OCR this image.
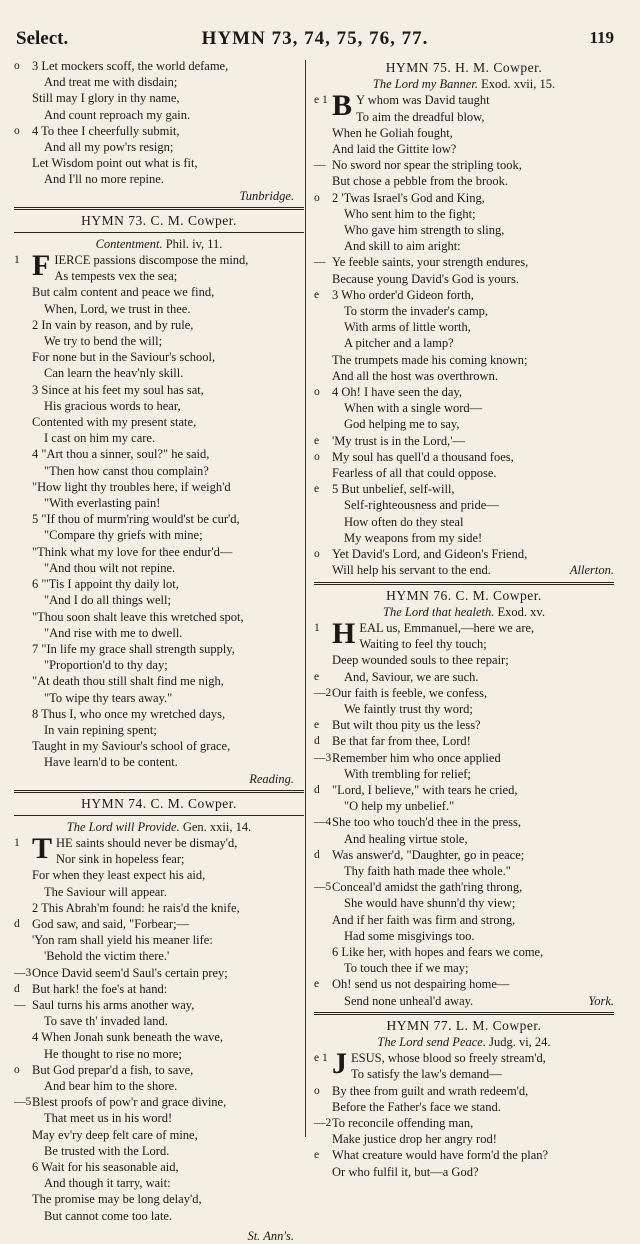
Select.	HYMN 73, 74, 75, 76, 77.	119
o 3 Let mockers scoff, the world defame,
And treat me with disdain;
Still may I glory in thy name,
And count reproach my gain.
o 4 To thee I cheerfully submit,
And all my pow'rs resign;
Let Wisdom point out what is fit,
And I'll no more repine.
Tunbridge.
HYMN 73. C. M. Cowper.
Contentment. Phil. iv, 11.
1 F IERCE passions discompose the mind,
As tempests vex the sea;
But calm content and peace we find,
When, Lord, we trust in thee.
2 In vain by reason, and by rule,
We try to bend the will;
For none but in the Saviour's school,
Can learn the heav'nly skill.
3 Since at his feet my soul has sat,
His gracious words to hear,
Contented with my present state,
I cast on him my care.
4 "Art thou a sinner, soul?" he said,
"Then how canst thou complain?
"How light thy troubles here, if weigh'd
"With everlasting pain!
5 "If thou of murm'ring would'st be cur'd,
"Compare thy griefs with mine;
"Think what my love for thee endur'd—
"And thou wilt not repine.
6 "'Tis I appoint thy daily lot,
"And I do all things well;
"Thou soon shalt leave this wretched spot,
"And rise with me to dwell.
7 "In life my grace shall strength supply,
"Proportion'd to thy day;
"At death thou still shalt find me nigh,
"To wipe thy tears away."
8 Thus I, who once my wretched days,
In vain repining spent;
Taught in my Saviour's school of grace,
Have learn'd to be content.
Reading.
HYMN 74. C. M. Cowper.
The Lord will Provide. Gen. xxii, 14.
1 T HE saints should never be dismay'd,
Nor sink in hopeless fear;
For when they least expect his aid,
The Saviour will appear.
2 This Abrah'm found: he rais'd the knife,
d God saw, and said, "Forbear;—
'Yon ram shall yield his meaner life:
'Behold the victim there.'
—3 Once David seem'd Saul's certain prey;
d But hark! the foe's at hand:
— Saul turns his arms another way,
To save th' invaded land.
4 When Jonah sunk beneath the wave,
He thought to rise no more;
o But God prepar'd a fish, to save,
And bear him to the shore.
—5 Blest proofs of pow'r and grace divine,
That meet us in his word!
May ev'ry deep felt care of mine,
Be trusted with the Lord.
6 Wait for his seasonable aid,
And though it tarry, wait:
The promise may be long delay'd,
But cannot come too late.
St. Ann's.
HYMN 75. H. M. Cowper.
The Lord my Banner. Exod. xvii, 15.
e 1 B Y whom was David taught
To aim the dreadful blow,
When he Goliah fought,
And laid the Gittite low?
— No sword nor spear the stripling took,
But chose a pebble from the brook.
o 2 'Twas Israel's God and King,
Who sent him to the fight;
Who gave him strength to sling,
And skill to aim aright:
— Ye feeble saints, your strength endures,
Because young David's God is yours.
e	3 Who order'd Gideon forth,
To storm the invader's camp,
With arms of little worth,
A pitcher and a lamp?
The trumpets made his coming known;
And all the host was overthrown.
o 4 Oh! I have seen the day,
When with a single word—
God helping me to say,
e	'My trust is in the Lord,'—
o My soul has quell'd a thousand foes,
Fearless of all that could oppose.
e	5 But unbelief, self-will,
Self-righteousness and pride—
How often do they steal
My weapons from my side!
o Yet David's Lord, and Gideon's Friend,
Will help his servant to the end.	Allerton.
HYMN 76. C. M. Cowper.
The Lord that healeth. Exod. xv.
1 H EAL us, Emmanuel,—here we are,
Waiting to feel thy touch;
Deep wounded souls to thee repair;
e	And, Saviour, we are such.
—2 Our faith is feeble, we confess,
We faintly trust thy word;
e	But wilt thou pity us the less?
d Be that far from thee, Lord!
—3 Remember him who once applied
With trembling for relief;
d "Lord, I believe," with tears he cried,
"O help my unbelief."
—4 She too who touch'd thee in the press,
And healing virtue stole,
d Was answer'd, "Daughter, go in peace;
Thy faith hath made thee whole."
—5 Conceal'd amidst the gath'ring throng,
She would have shunn'd thy view;
And if her faith was firm and strong,
Had some misgivings too.
6 Like her, with hopes and fears we come,
To touch thee if we may;
e	Oh! send us not despairing home—
Send none unheal'd away.	York.
HYMN 77. L. M. Cowper.
The Lord send Peace. Judg. vi, 24.
e 1 J ESUS, whose blood so freely stream'd,
To satisfy the law's demand—
o By thee from guilt and wrath redeem'd,
Before the Father's face we stand.
—2 To reconcile offending man,
Make justice drop her angry rod!
e	What creature would have form'd the plan?
Or who fulfil it, but—a God?
